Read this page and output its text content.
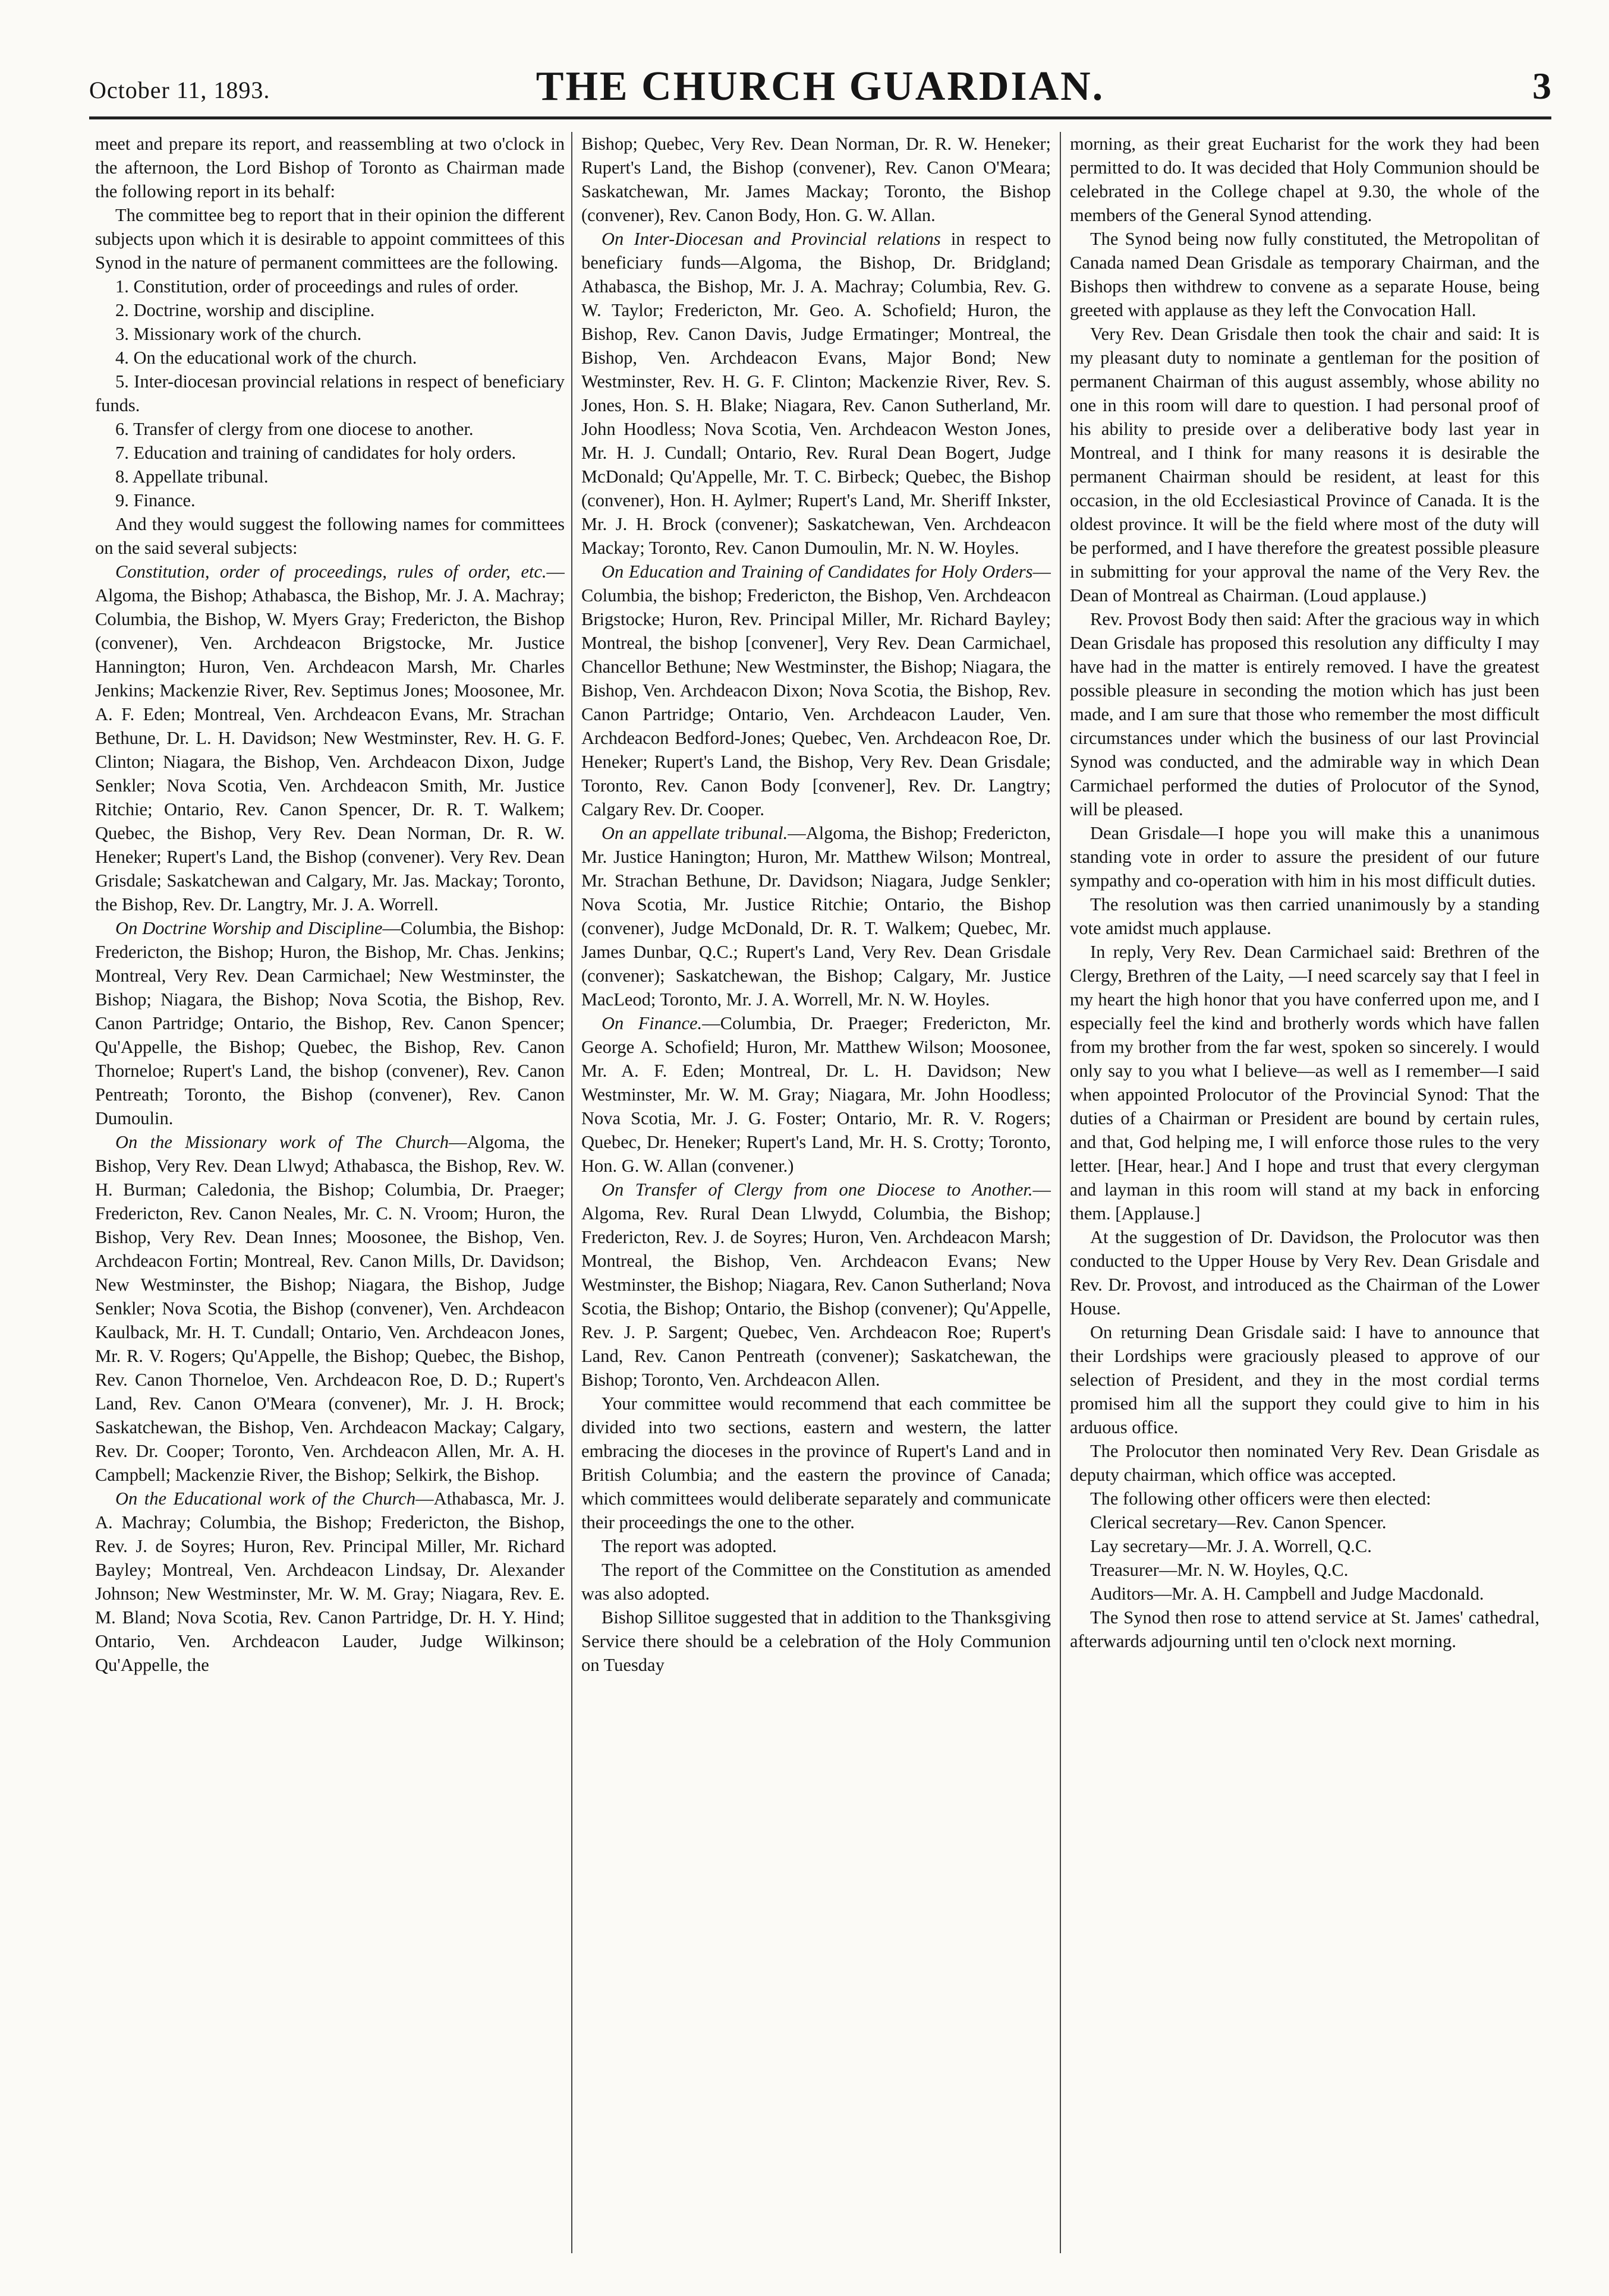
October 11, 1893.	THE CHURCH GUARDIAN.	3

meet and prepare its report, and reassembling at two o'clock in the afternoon, the Lord Bishop of Toronto as Chairman made the following report in its behalf:

The committee beg to report that in their opinion the different subjects upon which it is desirable to appoint committees of this Synod in the nature of permanent committees are the following.

1. Constitution, order of proceedings and rules of order.

2. Doctrine, worship and discipline.

3. Missionary work of the church.

4. On the educational work of the church.

5. Inter-diocesan provincial relations in respect of beneficiary funds.

6. Transfer of clergy from one diocese to another.

7. Education and training of candidates for holy orders.

8. Appellate tribunal.

9. Finance.

And they would suggest the following names for committees on the said several subjects:

Constitution, order of proceedings, rules of order, etc.—Algoma, the Bishop; Athabasca, the Bishop, Mr. J. A. Machray; Columbia, the Bishop, W. Myers Gray; Fredericton, the Bishop (convener), Ven. Archdeacon Brigstocke, Mr. Justice Hannington; Huron, Ven. Archdeacon Marsh, Mr. Charles Jenkins; Mackenzie River, Rev. Septimus Jones; Moosonee, Mr. A. F. Eden; Montreal, Ven. Archdeacon Evans, Mr. Strachan Bethune, Dr. L. H. Davidson; New Westminster, Rev. H. G. F. Clinton; Niagara, the Bishop, Ven. Archdeacon Dixon, Judge Senkler; Nova Scotia, Ven. Archdeacon Smith, Mr. Justice Ritchie; Ontario, Rev. Canon Spencer, Dr. R. T. Walkem; Quebec, the Bishop, Very Rev. Dean Norman, Dr. R. W. Heneker; Rupert's Land, the Bishop (convener). Very Rev. Dean Grisdale; Saskatchewan and Calgary, Mr. Jas. Mackay; Toronto, the Bishop, Rev. Dr. Langtry, Mr. J. A. Worrell.

On Doctrine Worship and Discipline—Columbia, the Bishop: Fredericton, the Bishop; Huron, the Bishop, Mr. Chas. Jenkins; Montreal, Very Rev. Dean Carmichael; New Westminster, the Bishop; Niagara, the Bishop; Nova Scotia, the Bishop, Rev. Canon Partridge; Ontario, the Bishop, Rev. Canon Spencer; Qu'Appelle, the Bishop; Quebec, the Bishop, Rev. Canon Thorneloe; Rupert's Land, the bishop (convener), Rev. Canon Pentreath; Toronto, the Bishop (convener), Rev. Canon Dumoulin.

On the Missionary work of The Church—Algoma, the Bishop, Very Rev. Dean Llwyd; Athabasca, the Bishop, Rev. W. H. Burman; Caledonia, the Bishop; Columbia, Dr. Praeger; Fredericton, Rev. Canon Neales, Mr. C. N. Vroom; Huron, the Bishop, Very Rev. Dean Innes; Moosonee, the Bishop, Ven. Archdeacon Fortin; Montreal, Rev. Canon Mills, Dr. Davidson; New Westminster, the Bishop; Niagara, the Bishop, Judge Senkler; Nova Scotia, the Bishop (convener), Ven. Archdeacon Kaulback, Mr. H. T. Cundall; Ontario, Ven. Archdeacon Jones, Mr. R. V. Rogers; Qu'Appelle, the Bishop; Quebec, the Bishop, Rev. Canon Thorneloe, Ven. Archdeacon Roe, D. D.; Rupert's Land, Rev. Canon O'Meara (convener), Mr. J. H. Brock; Saskatchewan, the Bishop, Ven. Archdeacon Mackay; Calgary, Rev. Dr. Cooper; Toronto, Ven. Archdeacon Allen, Mr. A. H. Campbell; Mackenzie River, the Bishop; Selkirk, the Bishop.

On the Educational work of the Church—Athabasca, Mr. J. A. Machray; Columbia, the Bishop; Fredericton, the Bishop, Rev. J. de Soyres; Huron, Rev. Principal Miller, Mr. Richard Bayley; Montreal, Ven. Archdeacon Lindsay, Dr. Alexander Johnson; New Westminster, Mr. W. M. Gray; Niagara, Rev. E. M. Bland; Nova Scotia, Rev. Canon Partridge, Dr. H. Y. Hind; Ontario, Ven. Archdeacon Lauder, Judge Wilkinson; Qu'Appelle, the

Bishop; Quebec, Very Rev. Dean Norman, Dr. R. W. Heneker; Rupert's Land, the Bishop (convener), Rev. Canon O'Meara; Saskatchewan, Mr. James Mackay; Toronto, the Bishop (convener), Rev. Canon Body, Hon. G. W. Allan.

On Inter-Diocesan and Provincial relations in respect to beneficiary funds—Algoma, the Bishop, Dr. Bridgland; Athabasca, the Bishop, Mr. J. A. Machray; Columbia, Rev. G. W. Taylor; Fredericton, Mr. Geo. A. Schofield; Huron, the Bishop, Rev. Canon Davis, Judge Ermatinger; Montreal, the Bishop, Ven. Archdeacon Evans, Major Bond; New Westminster, Rev. H. G. F. Clinton; Mackenzie River, Rev. S. Jones, Hon. S. H. Blake; Niagara, Rev. Canon Sutherland, Mr. John Hoodless; Nova Scotia, Ven. Archdeacon Weston Jones, Mr. H. J. Cundall; Ontario, Rev. Rural Dean Bogert, Judge McDonald; Qu'Appelle, Mr. T. C. Birbeck; Quebec, the Bishop (convener), Hon. H. Aylmer; Rupert's Land, Mr. Sheriff Inkster, Mr. J. H. Brock (convener); Saskatchewan, Ven. Archdeacon Mackay; Toronto, Rev. Canon Dumoulin, Mr. N. W. Hoyles.

On Education and Training of Candidates for Holy Orders—Columbia, the bishop; Fredericton, the Bishop, Ven. Archdeacon Brigstocke; Huron, Rev. Principal Miller, Mr. Richard Bayley; Montreal, the bishop [convener], Very Rev. Dean Carmichael, Chancellor Bethune; New Westminster, the Bishop; Niagara, the Bishop, Ven. Archdeacon Dixon; Nova Scotia, the Bishop, Rev. Canon Partridge; Ontario, Ven. Archdeacon Lauder, Ven. Archdeacon Bedford-Jones; Quebec, Ven. Archdeacon Roe, Dr. Heneker; Rupert's Land, the Bishop, Very Rev. Dean Grisdale; Toronto, Rev. Canon Body [convener], Rev. Dr. Langtry; Calgary Rev. Dr. Cooper.

On an appellate tribunal.—Algoma, the Bishop; Fredericton, Mr. Justice Hanington; Huron, Mr. Matthew Wilson; Montreal, Mr. Strachan Bethune, Dr. Davidson; Niagara, Judge Senkler; Nova Scotia, Mr. Justice Ritchie; Ontario, the Bishop (convener), Judge McDonald, Dr. R. T. Walkem; Quebec, Mr. James Dunbar, Q.C.; Rupert's Land, Very Rev. Dean Grisdale (convener); Saskatchewan, the Bishop; Calgary, Mr. Justice MacLeod; Toronto, Mr. J. A. Worrell, Mr. N. W. Hoyles.

On Finance.—Columbia, Dr. Praeger; Fredericton, Mr. George A. Schofield; Huron, Mr. Matthew Wilson; Moosonee, Mr. A. F. Eden; Montreal, Dr. L. H. Davidson; New Westminster, Mr. W. M. Gray; Niagara, Mr. John Hoodless; Nova Scotia, Mr. J. G. Foster; Ontario, Mr. R. V. Rogers; Quebec, Dr. Heneker; Rupert's Land, Mr. H. S. Crotty; Toronto, Hon. G. W. Allan (convener.)

On Transfer of Clergy from one Diocese to Another.—Algoma, Rev. Rural Dean Llwydd, Columbia, the Bishop; Fredericton, Rev. J. de Soyres; Huron, Ven. Archdeacon Marsh; Montreal, the Bishop, Ven. Archdeacon Evans; New Westminster, the Bishop; Niagara, Rev. Canon Sutherland; Nova Scotia, the Bishop; Ontario, the Bishop (convener); Qu'Appelle, Rev. J. P. Sargent; Quebec, Ven. Archdeacon Roe; Rupert's Land, Rev. Canon Pentreath (convener); Saskatchewan, the Bishop; Toronto, Ven. Archdeacon Allen.

Your committee would recommend that each committee be divided into two sections, eastern and western, the latter embracing the dioceses in the province of Rupert's Land and in British Columbia; and the eastern the province of Canada; which committees would deliberate separately and communicate their proceedings the one to the other.

The report was adopted.

The report of the Committee on the Constitution as amended was also adopted.

Bishop Sillitoe suggested that in addition to the Thanksgiving Service there should be a celebration of the Holy Communion on Tuesday

morning, as their great Eucharist for the work they had been permitted to do. It was decided that Holy Communion should be celebrated in the College chapel at 9.30, the whole of the members of the General Synod attending.

The Synod being now fully constituted, the Metropolitan of Canada named Dean Grisdale as temporary Chairman, and the Bishops then withdrew to convene as a separate House, being greeted with applause as they left the Convocation Hall.

Very Rev. Dean Grisdale then took the chair and said: It is my pleasant duty to nominate a gentleman for the position of permanent Chairman of this august assembly, whose ability no one in this room will dare to question. I had personal proof of his ability to preside over a deliberative body last year in Montreal, and I think for many reasons it is desirable the permanent Chairman should be resident, at least for this occasion, in the old Ecclesiastical Province of Canada. It is the oldest province. It will be the field where most of the duty will be performed, and I have therefore the greatest possible pleasure in submitting for your approval the name of the Very Rev. the Dean of Montreal as Chairman. (Loud applause.)

Rev. Provost Body then said: After the gracious way in which Dean Grisdale has proposed this resolution any difficulty I may have had in the matter is entirely removed. I have the greatest possible pleasure in seconding the motion which has just been made, and I am sure that those who remember the most difficult circumstances under which the business of our last Provincial Synod was conducted, and the admirable way in which Dean Carmichael performed the duties of Prolocutor of the Synod, will be pleased.

Dean Grisdale—I hope you will make this a unanimous standing vote in order to assure the president of our future sympathy and co-operation with him in his most difficult duties.

The resolution was then carried unanimously by a standing vote amidst much applause.

In reply, Very Rev. Dean Carmichael said: Brethren of the Clergy, Brethren of the Laity, —I need scarcely say that I feel in my heart the high honor that you have conferred upon me, and I especially feel the kind and brotherly words which have fallen from my brother from the far west, spoken so sincerely. I would only say to you what I believe—as well as I remember—I said when appointed Prolocutor of the Provincial Synod: That the duties of a Chairman or President are bound by certain rules, and that, God helping me, I will enforce those rules to the very letter. [Hear, hear.] And I hope and trust that every clergyman and layman in this room will stand at my back in enforcing them. [Applause.]

At the suggestion of Dr. Davidson, the Prolocutor was then conducted to the Upper House by Very Rev. Dean Grisdale and Rev. Dr. Provost, and introduced as the Chairman of the Lower House.

On returning Dean Grisdale said: I have to announce that their Lordships were graciously pleased to approve of our selection of President, and they in the most cordial terms promised him all the support they could give to him in his arduous office.

The Prolocutor then nominated Very Rev. Dean Grisdale as deputy chairman, which office was accepted.

The following other officers were then elected:

Clerical secretary—Rev. Canon Spencer.

Lay secretary—Mr. J. A. Worrell, Q.C.

Treasurer—Mr. N. W. Hoyles, Q.C.

Auditors—Mr. A. H. Campbell and Judge Macdonald.

The Synod then rose to attend service at St. James' cathedral, afterwards adjourning until ten o'clock next morning.
